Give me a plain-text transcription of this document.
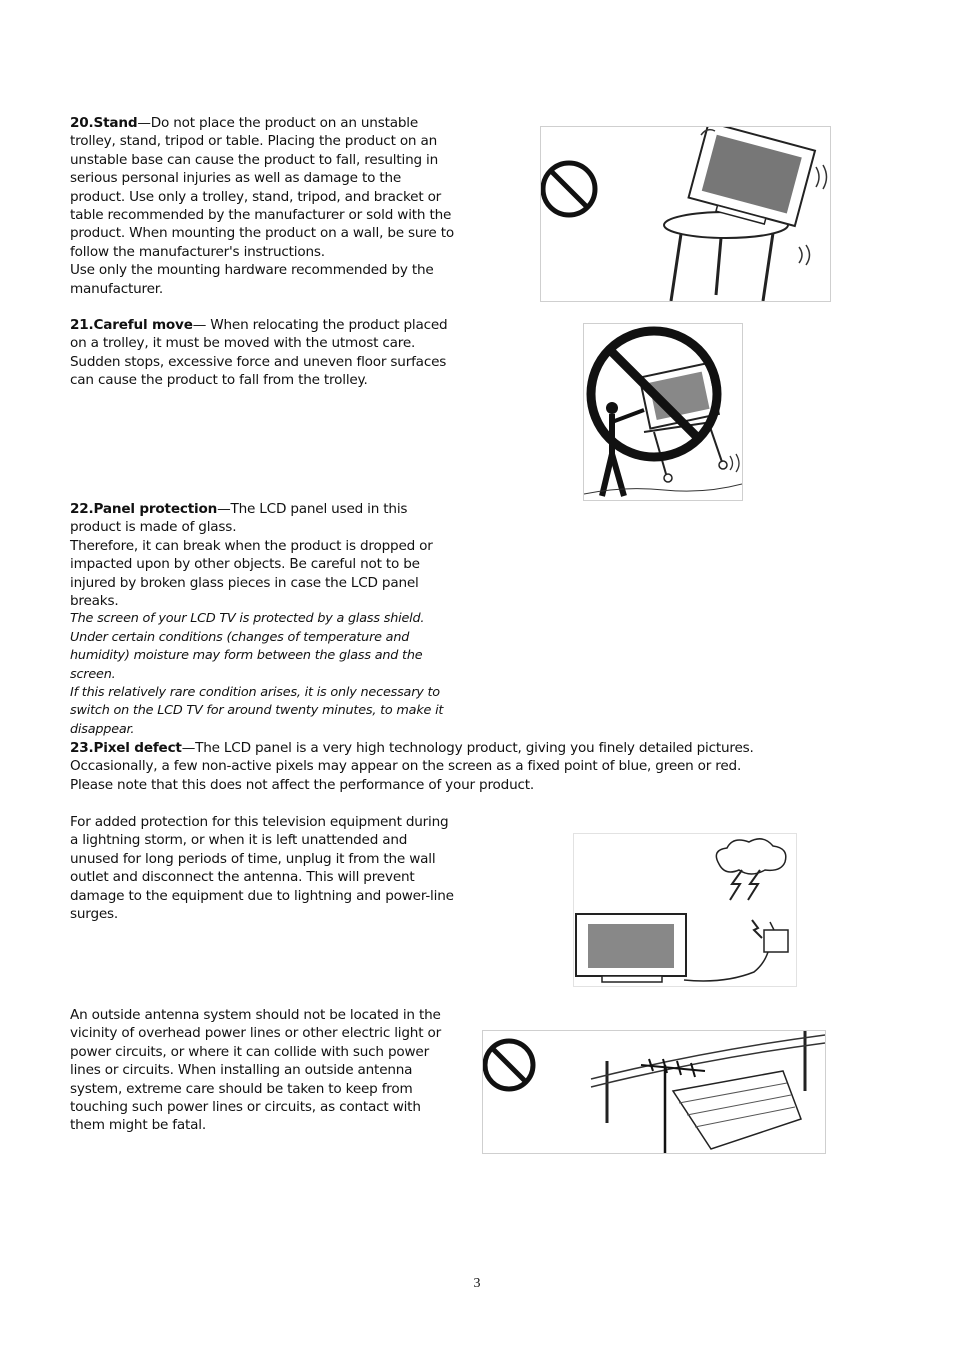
20.Stand—Do not place the product on an unstable trolley, stand, tripod or table. Placing the product on an unstable base can cause the product to fall, resulting in serious personal injuries as well as damage to the product. Use only a trolley, stand, tripod, and bracket or table recommended by the manufacturer or sold with the product. When mounting the product on a wall, be sure to follow the manufacturer's instructions.

Use only the mounting hardware recommended by the manufacturer.

21.Careful move— When relocating the product placed on a trolley, it must be moved with the utmost care. Sudden stops, excessive force and uneven floor surfaces can cause the product to fall from the trolley.

22.Panel protection—The LCD panel used in this product is made of glass.

Therefore, it can break when the product is dropped or impacted upon by other objects. Be careful not to be injured by broken glass pieces in case the LCD panel breaks.

The screen of your LCD TV is protected by a glass shield.

Under certain conditions (changes of temperature and humidity) moisture may form between the glass and the screen.

If this relatively rare condition arises, it is only necessary to switch on the LCD TV for around twenty minutes, to make it disappear.

23.Pixel defect—The LCD panel is a very high technology product, giving you finely detailed pictures. Occasionally, a few non-active pixels may appear on the screen as a fixed point of blue, green or red. Please note that this does not affect the performance of your product.

For added protection for this television equipment during a lightning storm, or when it is left unattended and unused for long periods of time, unplug it from the wall outlet and disconnect the antenna. This will prevent damage to the equipment due to lightning and power-line surges.

An outside antenna system should not be located in the vicinity of overhead power lines or other electric light or power circuits, or where it can collide with such power lines or circuits. When installing an outside antenna system, extreme care should be taken to keep from touching such power lines or circuits, as contact with them might be fatal.

3
